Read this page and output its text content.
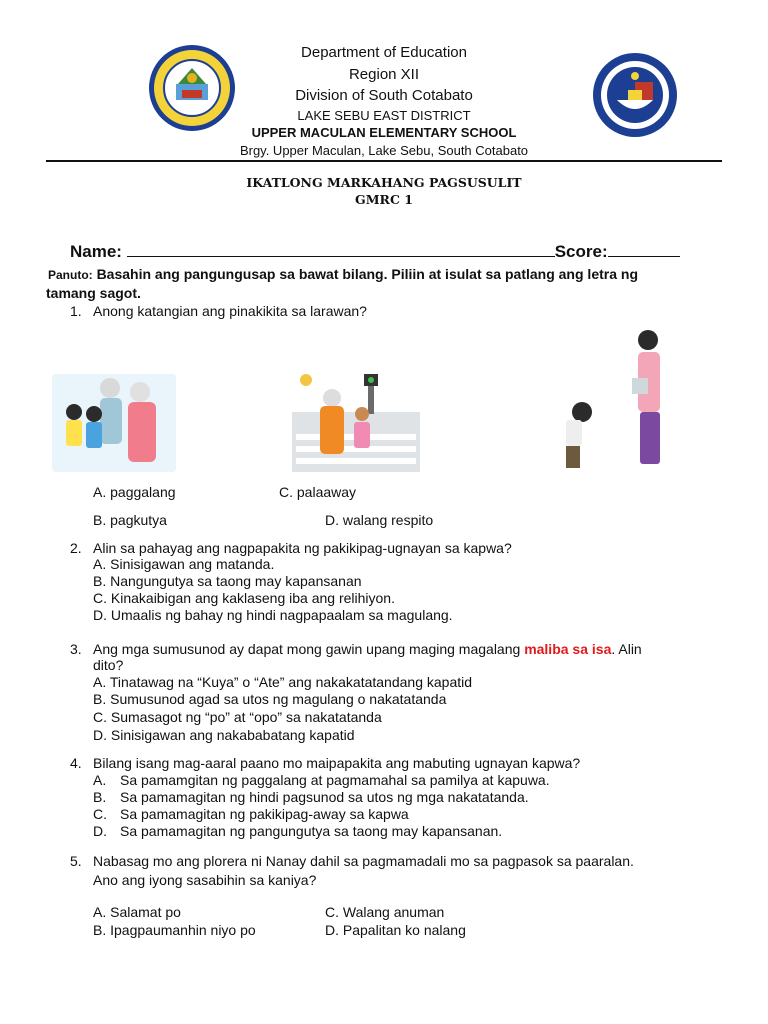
Department of Education
Region XII
Division of South Cotabato
LAKE SEBU EAST DISTRICT
UPPER MACULAN ELEMENTARY SCHOOL
Brgy. Upper Maculan, Lake Sebu, South Cotabato
IKATLONG MARKAHANG PAGSUSULIT
GMRC 1
Name:	Score:
Panuto: Basahin ang pangungusap sa bawat bilang. Piliin at isulat sa patlang ang letra ng
tamang sagot.
1. Anong katangian ang pinakikita sa larawan?
A. paggalang	C. palaaway
B. pagkutya	D. walang respito
2. Alin sa pahayag ang nagpapakita ng pakikipag-ugnayan sa kapwa?
A. Sinisigawan ang matanda.
B. Nangungutya sa taong may kapansanan
C. Kinakaibigan ang kaklaseng iba ang relihiyon.
D. Umaalis ng bahay ng hindi nagpapaalam sa magulang.
3. Ang mga sumusunod ay dapat mong gawin upang maging magalang maliba sa isa. Alin
dito?
A. Tinatawag na “Kuya” o “Ate” ang nakakatatandang kapatid
B. Sumusunod agad sa utos ng magulang o nakatatanda
C. Sumasagot ng “po” at “opo” sa nakatatanda
D. Sinisigawan ang nakababatang kapatid
4. Bilang isang mag-aaral paano mo maipapakita ang mabuting ugnayan kapwa?
A. Sa pamamgitan ng paggalang at pagmamahal sa pamilya at kapuwa.
B. Sa pamamagitan ng hindi pagsunod sa utos ng mga nakatatanda.
C. Sa pamamagitan ng pakikipag-away sa kapwa
D. Sa pamamagitan ng pangungutya sa taong may kapansanan.
5. Nabasag mo ang plorera ni Nanay dahil sa pagmamadali mo sa pagpasok sa paaralan.
Ano ang iyong sasabihin sa kaniya?
A. Salamat po	C. Walang anuman
B. Ipagpaumanhin niyo po	D. Papalitan ko nalang
